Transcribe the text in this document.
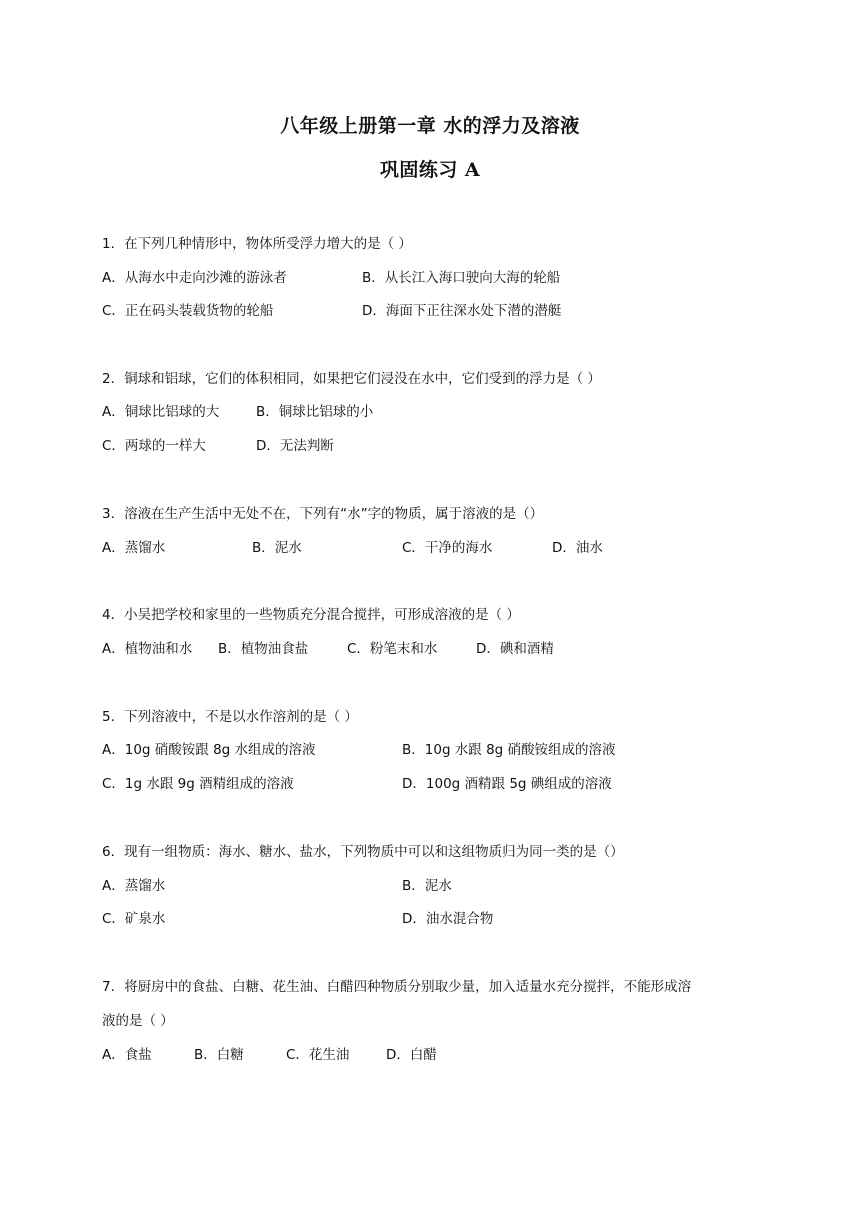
八年级上册第一章 水的浮力及溶液
巩固练习 A
1．在下列几种情形中，物体所受浮力增大的是（ ）
A．从海水中走向沙滩的游泳者	B．从长江入海口驶向大海的轮船
C．正在码头装载货物的轮船	D．海面下正往深水处下潜的潜艇
2．铜球和铝球，它们的体积相同，如果把它们浸没在水中，它们受到的浮力是（ ）
A．铜球比铝球的大	B．铜球比铝球的小
C．两球的一样大	D．无法判断
3．溶液在生产生活中无处不在，下列有“水”字的物质，属于溶液的是（）
A．蒸馏水	B．泥水	C．干净的海水	D．油水
4．小吴把学校和家里的一些物质充分混合搅拌，可形成溶液的是（ ）
A．植物油和水 B．植物油食盐	C．粉笔末和水	D．碘和酒精
5．下列溶液中，不是以水作溶剂的是（ ）
A．10g 硝酸铵跟 8g 水组成的溶液	B．10g 水跟 8g 硝酸铵组成的溶液
C．1g 水跟 9g 酒精组成的溶液	D．100g 酒精跟 5g 碘组成的溶液
6．现有一组物质：海水、糖水、盐水，下列物质中可以和这组物质归为同一类的是（）
A．蒸馏水	B．泥水
C．矿泉水	D．油水混合物
7．将厨房中的食盐、白糖、花生油、白醋四种物质分别取少量，加入适量水充分搅拌，不能形成溶
液的是（ ）
A．食盐	B．白糖	C．花生油	D．白醋
